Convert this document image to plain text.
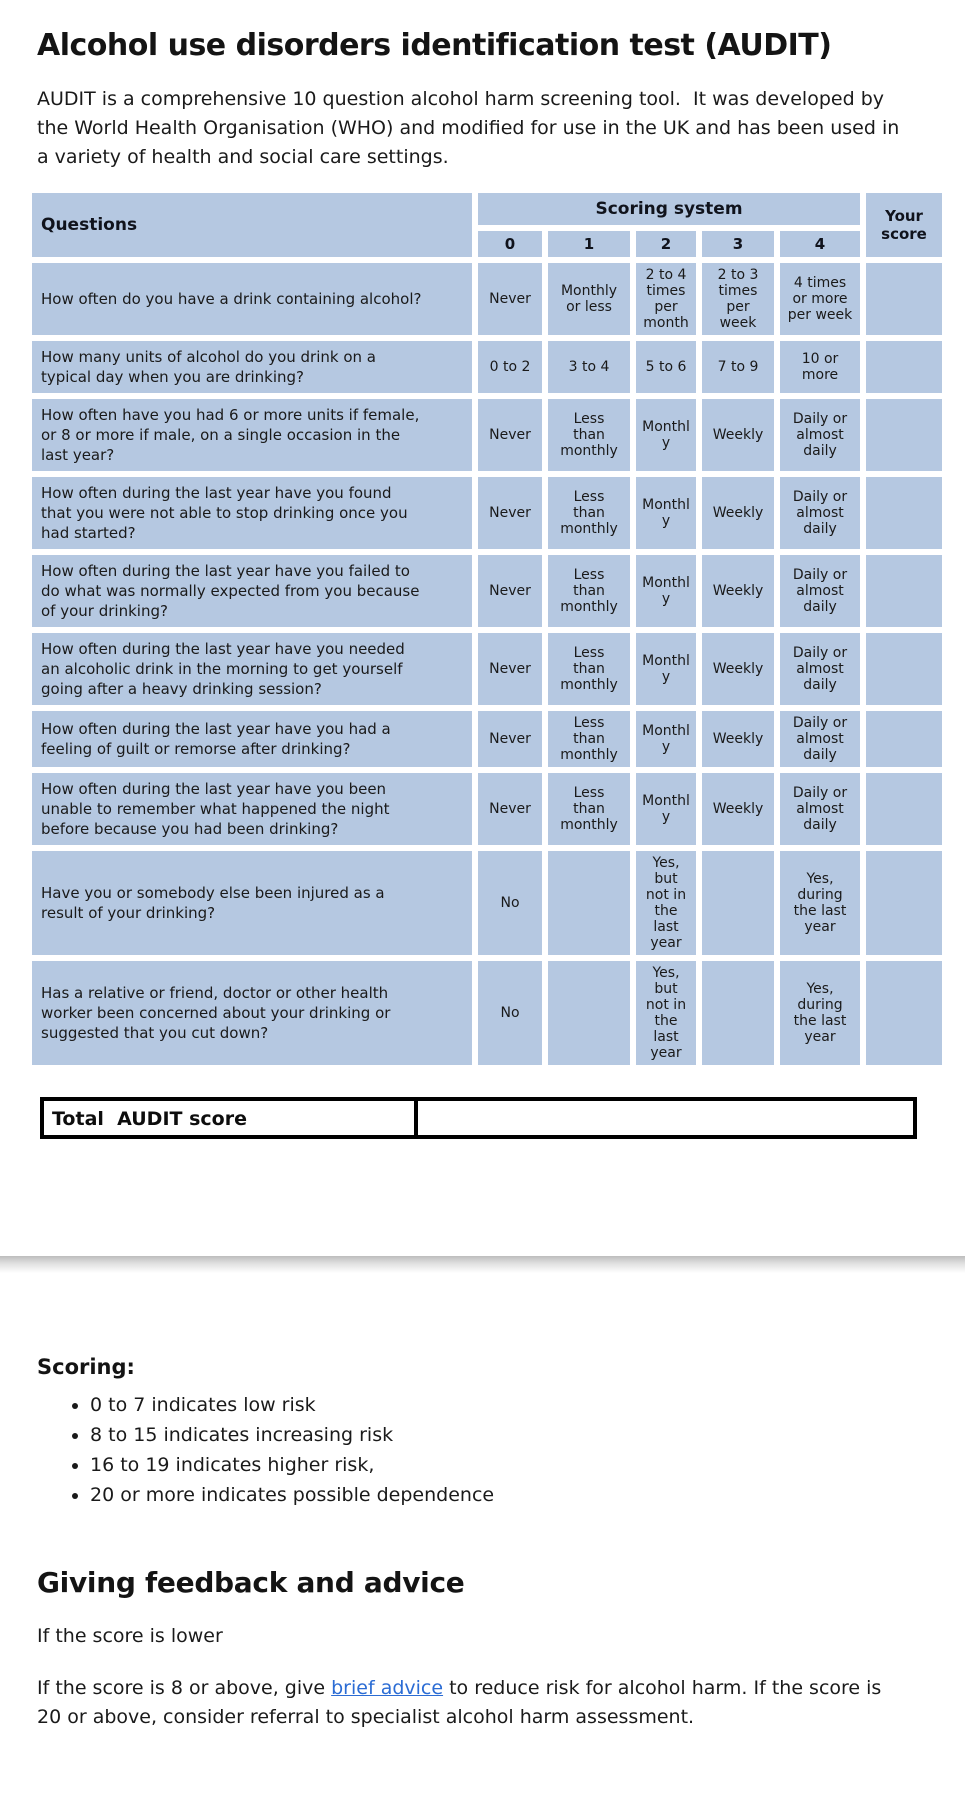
Alcohol use disorders identification test (AUDIT)

AUDIT is a comprehensive 10 question alcohol harm screening tool.  It was developed by the World Health Organisation (WHO) and modified for use in the UK and has been used in a variety of health and social care settings.

Questions	Scoring system					Your score
	0	1	2	3	4	
How often do you have a drink containing alcohol?	Never	Monthly or less	2 to 4 times per month	2 to 3 times per week	4 times or more per week	
How many units of alcohol do you drink on a typical day when you are drinking?	0 to 2	3 to 4	5 to 6	7 to 9	10 or more	
How often have you had 6 or more units if female, or 8 or more if male, on a single occasion in the last year?	Never	Less than monthly	Monthly	Weekly	Daily or almost daily	
How often during the last year have you found that you were not able to stop drinking once you had started?	Never	Less than monthly	Monthly	Weekly	Daily or almost daily	
How often during the last year have you failed to do what was normally expected from you because of your drinking?	Never	Less than monthly	Monthly	Weekly	Daily or almost daily	
How often during the last year have you needed an alcoholic drink in the morning to get yourself going after a heavy drinking session?	Never	Less than monthly	Monthly	Weekly	Daily or almost daily	
How often during the last year have you had a feeling of guilt or remorse after drinking?	Never	Less than monthly	Monthly	Weekly	Daily or almost daily	
How often during the last year have you been unable to remember what happened the night before because you had been drinking?	Never	Less than monthly	Monthly	Weekly	Daily or almost daily	
Have you or somebody else been injured as a result of your drinking?	No		Yes, but not in the last year		Yes, during the last year	
Has a relative or friend, doctor or other health worker been concerned about your drinking or suggested that you cut down?	No		Yes, but not in the last year		Yes, during the last year	
Total  AUDIT score
Scoring:
• 0 to 7 indicates low risk
• 8 to 15 indicates increasing risk
• 16 to 19 indicates higher risk,
• 20 or more indicates possible dependence
Giving feedback and advice

If the score is lower

If the score is 8 or above, give brief advice to reduce risk for alcohol harm. If the score is 20 or above, consider referral to specialist alcohol harm assessment.
